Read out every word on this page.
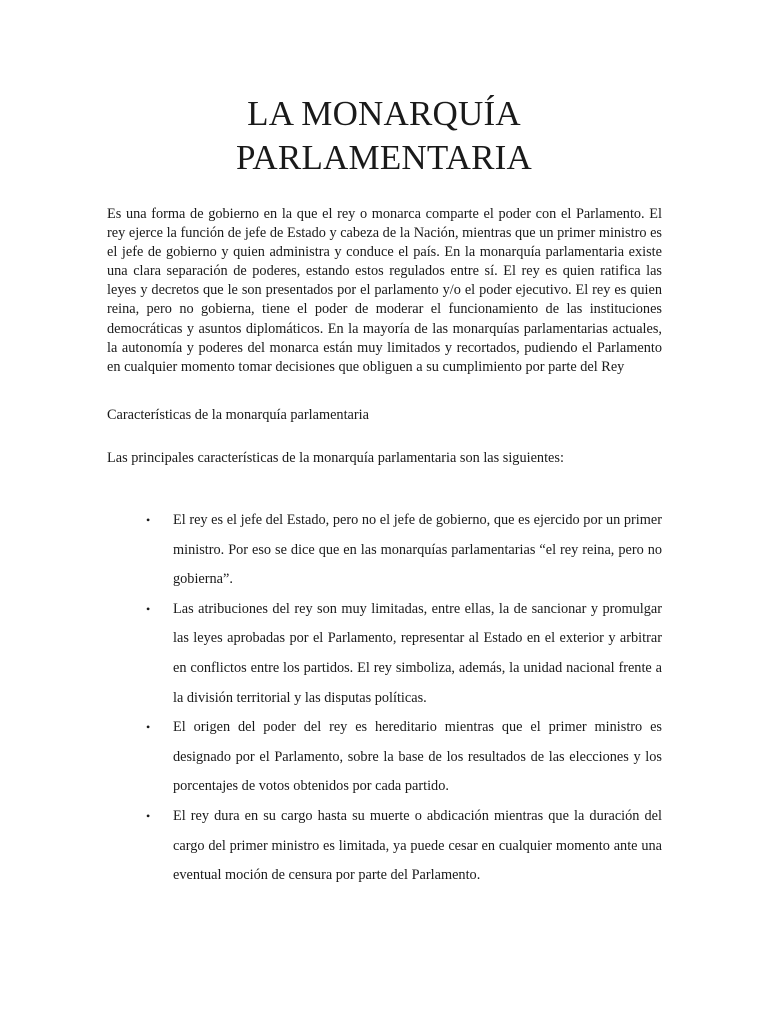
LA MONARQUÍA
PARLAMENTARIA

Es una forma de gobierno en la que el rey o monarca comparte el poder con el Parlamento. El rey ejerce la función de jefe de Estado y cabeza de la Nación, mientras que un primer ministro es el jefe de gobierno y quien administra y conduce el país. En la monarquía parlamentaria existe una clara separación de poderes, estando estos regulados entre sí. El rey es quien ratifica las leyes y decretos que le son presentados por el parlamento y/o el poder ejecutivo. El rey es quien reina, pero no gobierna, tiene el poder de moderar el funcionamiento de las instituciones democráticas y asuntos diplomáticos. En la mayoría de las monarquías parlamentarias actuales, la autonomía y poderes del monarca están muy limitados y recortados, pudiendo el Parlamento en cualquier momento tomar decisiones que obliguen a su cumplimiento por parte del Rey

Características de la monarquía parlamentaria

Las principales características de la monarquía parlamentaria son las siguientes:

• El rey es el jefe del Estado, pero no el jefe de gobierno, que es ejercido por un primer ministro. Por eso se dice que en las monarquías parlamentarias “el rey reina, pero no gobierna”.
• Las atribuciones del rey son muy limitadas, entre ellas, la de sancionar y promulgar las leyes aprobadas por el Parlamento, representar al Estado en el exterior y arbitrar en conflictos entre los partidos. El rey simboliza, además, la unidad nacional frente a la división territorial y las disputas políticas.
• El origen del poder del rey es hereditario mientras que el primer ministro es designado por el Parlamento, sobre la base de los resultados de las elecciones y los porcentajes de votos obtenidos por cada partido.
• El rey dura en su cargo hasta su muerte o abdicación mientras que la duración del cargo del primer ministro es limitada, ya puede cesar en cualquier momento ante una eventual moción de censura por parte del Parlamento.
